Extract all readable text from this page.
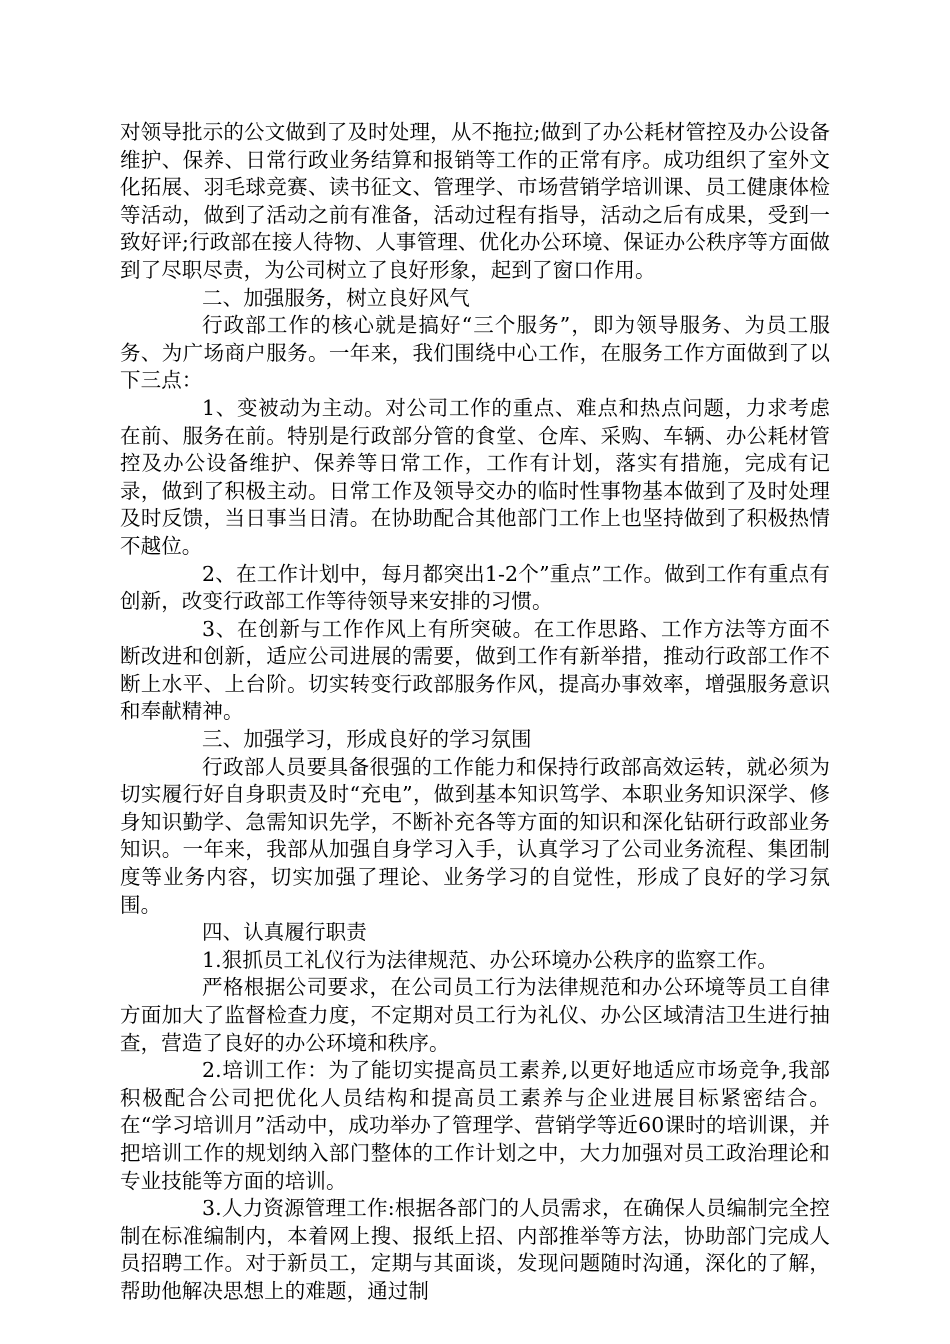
对领导批示的公文做到了及时处理，从不拖拉;做到了办公耗材管控及办公设备维护、保养、日常行政业务结算和报销等工作的正常有序。成功组织了室外文化拓展、羽毛球竞赛、读书征文、管理学、市场营销学培训课、员工健康体检等活动，做到了活动之前有准备，活动过程有指导，活动之后有成果，受到一致好评;行政部在接人待物、人事管理、优化办公环境、保证办公秩序等方面做到了尽职尽责，为公司树立了良好形象，起到了窗口作用。

二、加强服务，树立良好风气

行政部工作的核心就是搞好“三个服务”，即为领导服务、为员工服务、为广场商户服务。一年来，我们围绕中心工作，在服务工作方面做到了以下三点：

1、变被动为主动。对公司工作的重点、难点和热点问题，力求考虑在前、服务在前。特别是行政部分管的食堂、仓库、采购、车辆、办公耗材管控及办公设备维护、保养等日常工作，工作有计划，落实有措施，完成有记录，做到了积极主动。日常工作及领导交办的临时性事物基本做到了及时处理及时反馈，当日事当日清。在协助配合其他部门工作上也坚持做到了积极热情不越位。

2、在工作计划中，每月都突出1-2个”重点”工作。做到工作有重点有创新，改变行政部工作等待领导来安排的习惯。

3、在创新与工作作风上有所突破。在工作思路、工作方法等方面不断改进和创新，适应公司进展的需要，做到工作有新举措，推动行政部工作不断上水平、上台阶。切实转变行政部服务作风，提高办事效率，增强服务意识和奉献精神。

三、加强学习，形成良好的学习氛围

行政部人员要具备很强的工作能力和保持行政部高效运转，就必须为切实履行好自身职责及时“充电”，做到基本知识笃学、本职业务知识深学、修身知识勤学、急需知识先学，不断补充各等方面的知识和深化钻研行政部业务知识。一年来，我部从加强自身学习入手，认真学习了公司业务流程、集团制度等业务内容，切实加强了理论、业务学习的自觉性，形成了良好的学习氛围。

四、认真履行职责

1.狠抓员工礼仪行为法律规范、办公环境办公秩序的监察工作。

严格根据公司要求，在公司员工行为法律规范和办公环境等员工自律方面加大了监督检查力度，不定期对员工行为礼仪、办公区域清洁卫生进行抽查，营造了良好的办公环境和秩序。

2.培训工作：为了能切实提高员工素养,以更好地适应市场竞争,我部积极配合公司把优化人员结构和提高员工素养与企业进展目标紧密结合。在“学习培训月”活动中，成功举办了管理学、营销学等近60课时的培训课，并把培训工作的规划纳入部门整体的工作计划之中，大力加强对员工政治理论和专业技能等方面的培训。

3.人力资源管理工作:根据各部门的人员需求，在确保人员编制完全控制在标准编制内，本着网上搜、报纸上招、内部推举等方法，协助部门完成人员招聘工作。对于新员工，定期与其面谈，发现问题随时沟通，深化的了解，帮助他解决思想上的难题，通过制
